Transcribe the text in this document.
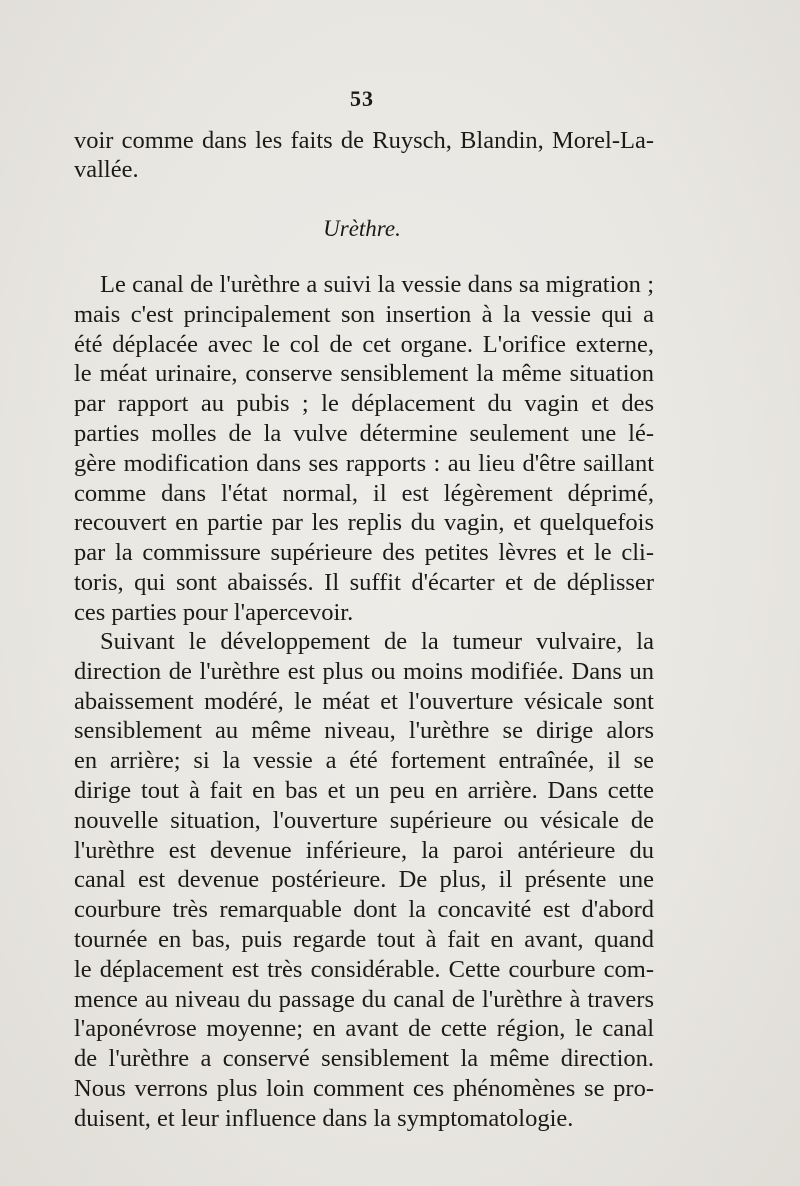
53
voir comme dans les faits de Ruysch, Blandin, Morel-La-
vallée.
Urèthre.
Le canal de l'urèthre a suivi la vessie dans sa migration ;
mais c'est principalement son insertion à la vessie qui a
été déplacée avec le col de cet organe. L'orifice externe,
le méat urinaire, conserve sensiblement la même situation
par rapport au pubis ; le déplacement du vagin et des
parties molles de la vulve détermine seulement une lé-
gère modification dans ses rapports : au lieu d'être saillant
comme dans l'état normal, il est légèrement déprimé,
recouvert en partie par les replis du vagin, et quelquefois
par la commissure supérieure des petites lèvres et le cli-
toris, qui sont abaissés. Il suffit d'écarter et de déplisser
ces parties pour l'apercevoir.
Suivant le développement de la tumeur vulvaire, la
direction de l'urèthre est plus ou moins modifiée. Dans un
abaissement modéré, le méat et l'ouverture vésicale sont
sensiblement au même niveau, l'urèthre se dirige alors
en arrière; si la vessie a été fortement entraînée, il se
dirige tout à fait en bas et un peu en arrière. Dans cette
nouvelle situation, l'ouverture supérieure ou vésicale de
l'urèthre est devenue inférieure, la paroi antérieure du
canal est devenue postérieure. De plus, il présente une
courbure très remarquable dont la concavité est d'abord
tournée en bas, puis regarde tout à fait en avant, quand
le déplacement est très considérable. Cette courbure com-
mence au niveau du passage du canal de l'urèthre à travers
l'aponévrose moyenne; en avant de cette région, le canal
de l'urèthre a conservé sensiblement la même direction.
Nous verrons plus loin comment ces phénomènes se pro-
duisent, et leur influence dans la symptomatologie.
